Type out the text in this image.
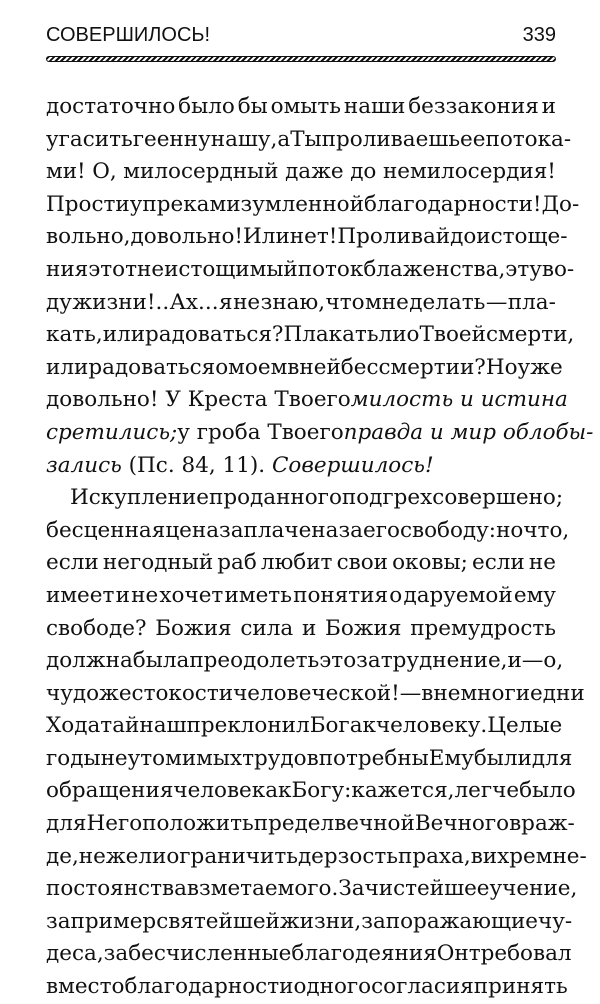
СОВЕРШИЛОСЬ!	339
достаточно было бы омыть наши беззакония и
угасить геенну нашу, а Ты проливаешь ее потока-
ми! О, милосердный даже до немилосердия!
Прости упрекам изумленной благодарности! До-
вольно, довольно! Или нет! Проливай до истоще-
ния этот неистощимый поток блаженства, эту во-
ду жизни!.. Ах... я не знаю, что мне делать — пла-
кать, или радоваться? Плакать ли о Твоей смерти,
или радоваться о моем в ней бессмертии? Но уже
довольно! У Креста Твоего милость и истина
сретились; у гроба Твоего правда и мир облобы-
зались
(Пс. 84, 11).
Совершилось!
Искупление проданного под грех совершено;
бесценная цена заплачена за его свободу: но что,
если негодный раб любит свои оковы; если не
имеет и не хочет иметь понятия о даруемой ему
свободе? Божия сила и Божия премудрость
должна была преодолеть это затруднение, и — о,
чудо жестокости человеческой! — в немногие дни
Ходатай наш преклонил Бога к человеку. Целые
годы неутомимых трудов потребны Ему были для
обращения человека к Богу: кажется, легче было
для Него положить предел вечной Вечного враж-
де, нежели ограничить дерзость праха, вихрем не-
постоянства взметаемого. За чистейшее учение,
за пример святейшей жизни, за поражающие чу-
деса, за бесчисленные благодеяния Он требовал
вместо благодарности одного согласия принять
